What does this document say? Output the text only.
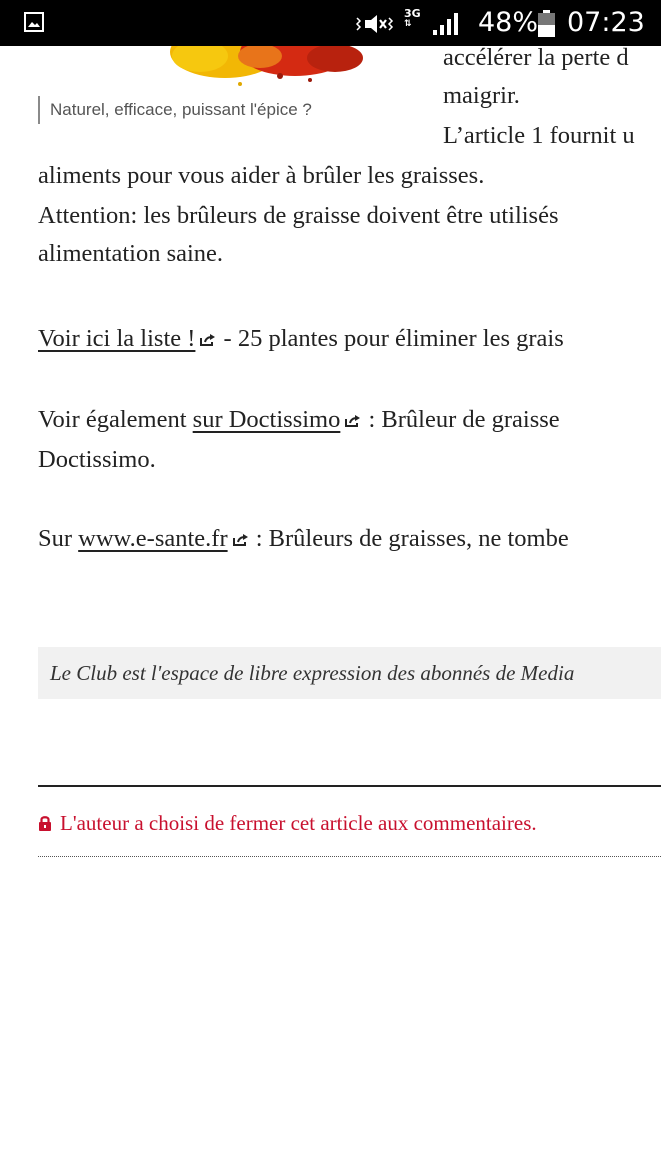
3G
⇅	48% 07:23
Naturel, efficace, puissant l'épice ?
accélérer la perte d
maigrir.
L’article 1 fournit u
aliments pour vous aider à brûler les graisses.
Attention: les brûleurs de graisse doivent être utilisés
alimentation saine.
Voir ici la liste ! - 25 plantes pour éliminer les grais
Voir également sur Doctissimo : Brûleur de graisse
Doctissimo.
Sur www.e-sante.fr : Brûleurs de graisses, ne tombe
Le Club est l'espace de libre expression des abonnés de Media
L'auteur a choisi de fermer cet article aux commentaires.
